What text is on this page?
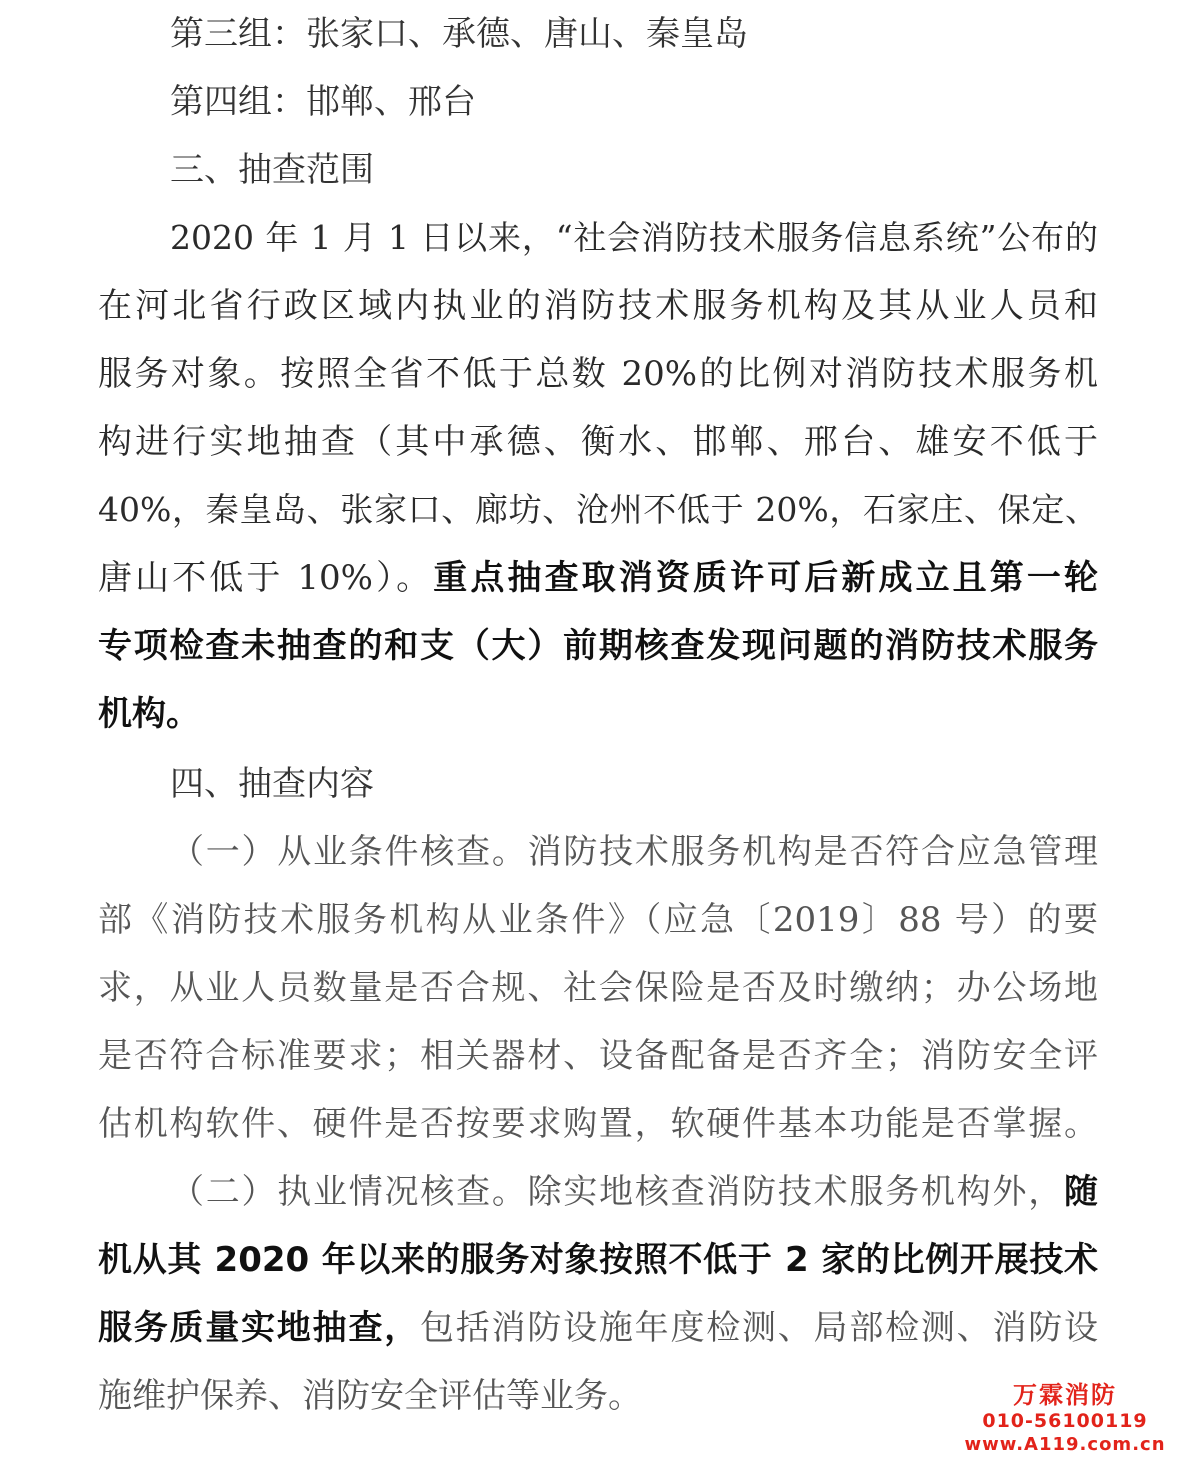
第三组：张家口、承德、唐山、秦皇岛
第四组：邯郸、邢台
三、抽查范围
2020 年 1 月 1 日以来，“社会消防技术服务信息系统”公布的
在河北省行政区域内执业的消防技术服务机构及其从业人员和
服务对象。按照全省不低于总数 20%的比例对消防技术服务机
构进行实地抽查（其中承德、衡水、邯郸、邢台、雄安不低于
40%，秦皇岛、张家口、廊坊、沧州不低于 20%，石家庄、保定、
唐山不低于 10%）。重点抽查取消资质许可后新成立且第一轮
专项检查未抽查的和支（大）前期核查发现问题的消防技术服务
机构。
四、抽查内容
（一）从业条件核查。消防技术服务机构是否符合应急管理
部《消防技术服务机构从业条件》（应急〔2019〕88 号）的要
求，从业人员数量是否合规、社会保险是否及时缴纳；办公场地
是否符合标准要求；相关器材、设备配备是否齐全；消防安全评
估机构软件、硬件是否按要求购置，软硬件基本功能是否掌握。
（二）执业情况核查。除实地核查消防技术服务机构外，随
机从其 2020 年以来的服务对象按照不低于 2 家的比例开展技术
服务质量实地抽查，包括消防设施年度检测、局部检测、消防设
施维护保养、消防安全评估等业务。	万霖消防
010-56100119
www.A119.com.cn
